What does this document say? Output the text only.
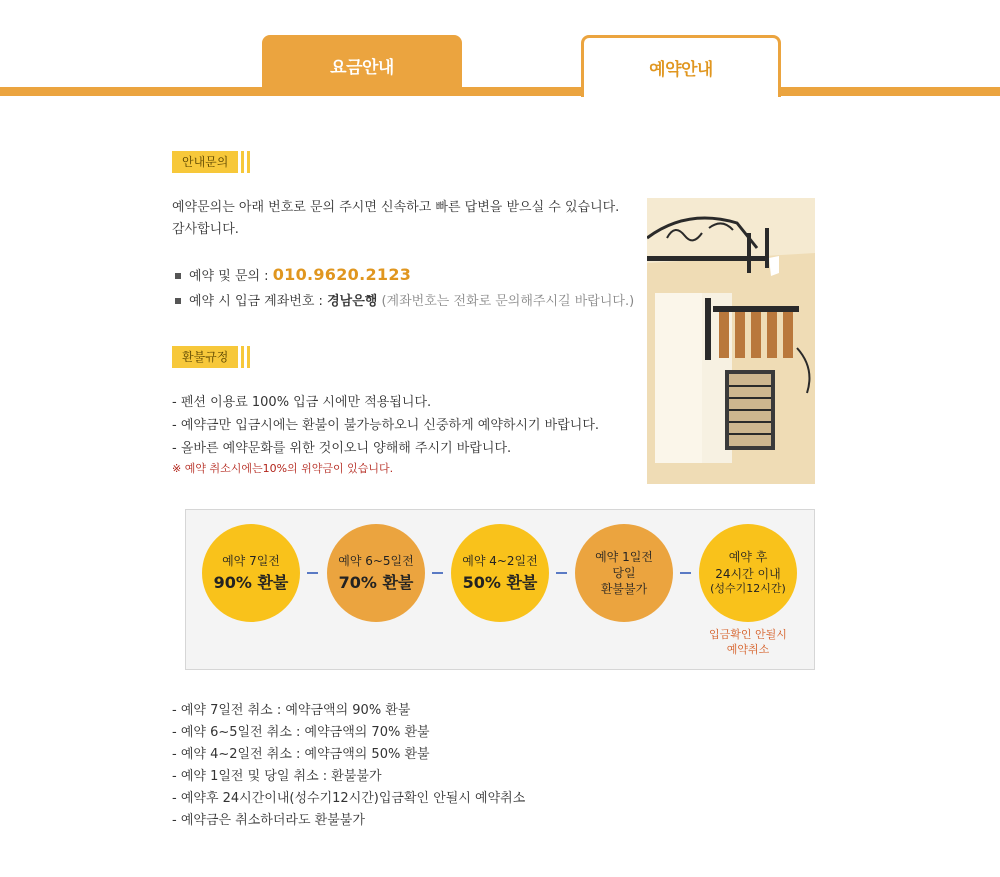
요금안내	예약안내
안내문의
예약문의는 아래 번호로 문의 주시면 신속하고 빠른 답변을 받으실 수 있습니다.
감사합니다.
예약 및 문의 : 010.9620.2123
예약 시 입금 계좌번호 : 경남은행 (계좌번호는 전화로 문의해주시길 바랍니다.)
환불규정
- 펜션 이용료 100% 입금 시에만 적용됩니다.
- 예약금만 입금시에는 환불이 불가능하오니 신중하게 예약하시기 바랍니다.
- 올바른 예약문화를 위한 것이오니 양해해 주시기 바랍니다.
※ 예약 취소시에는10%의 위약금이 있습니다.
예약 7일전
90% 환불
예약 6~5일전
70% 환불
예약 4~2일전
50% 환불
예약 1일전
당일
환불불가
예약 후
24시간 이내
(성수기12시간)
입금확인 안될시
예약취소
- 예약 7일전 취소 : 예약금액의 90% 환불
- 예약 6~5일전 취소 : 예약금액의 70% 환불
- 예약 4~2일전 취소 : 예약금액의 50% 환불
- 예약 1일전 및 당일 취소 : 환불불가
- 예약후 24시간이내(성수기12시간)입금확인 안될시 예약취소
- 예약금은 취소하더라도 환불불가
